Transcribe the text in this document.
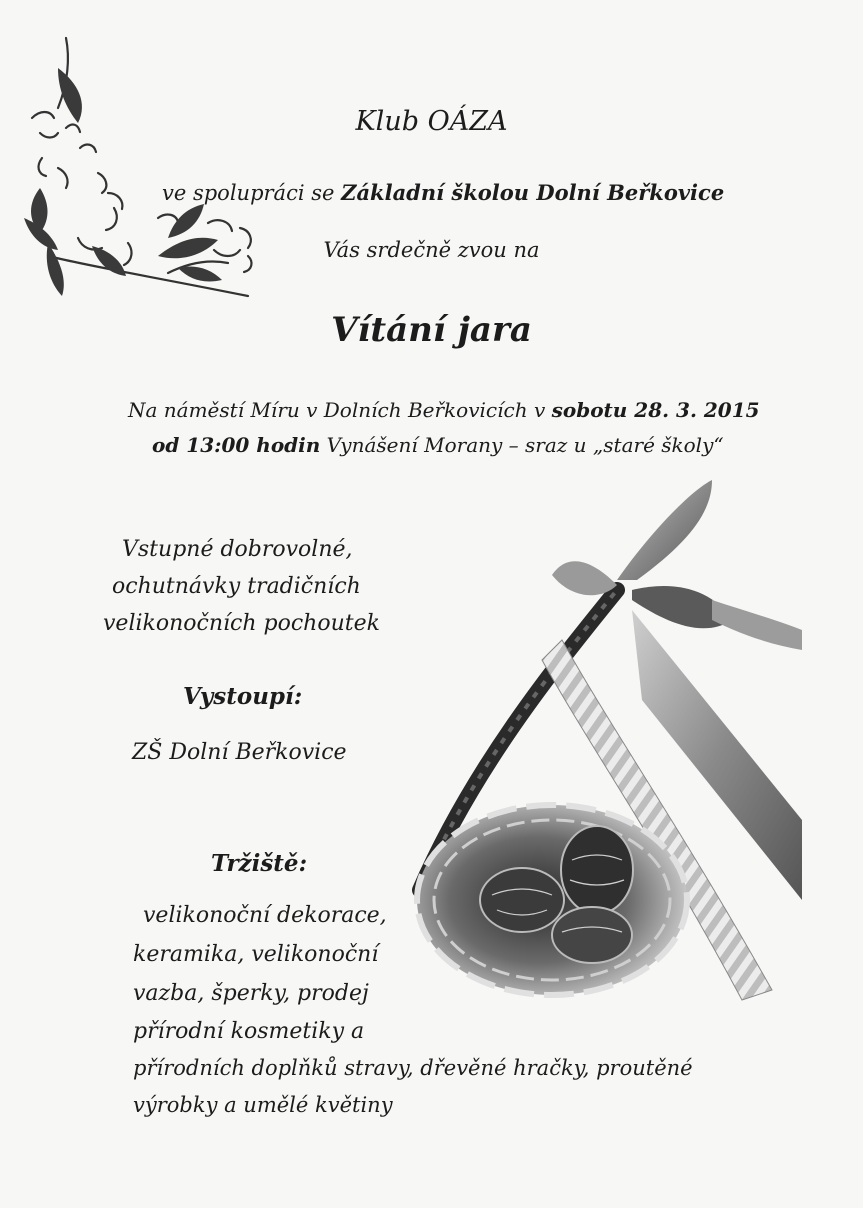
Klub OÁZA

ve spolupráci se Základní školou Dolní Beřkovice

Vás srdečně zvou na

Vítání jara

Na náměstí Míru v Dolních Beřkovicích v sobotu 28. 3. 2015

od 13:00 hodin Vynášení Morany – sraz u „staré školy“

Vstupné dobrovolné,

ochutnávky tradičních

velikonočních pochoutek

Vystoupí:

ZŠ Dolní Beřkovice

Tržiště:

velikonoční dekorace,

keramika, velikonoční

vazba, šperky, prodej

přírodní kosmetiky a

přírodních doplňků stravy, dřevěné hračky, proutěné

výrobky a umělé květiny
